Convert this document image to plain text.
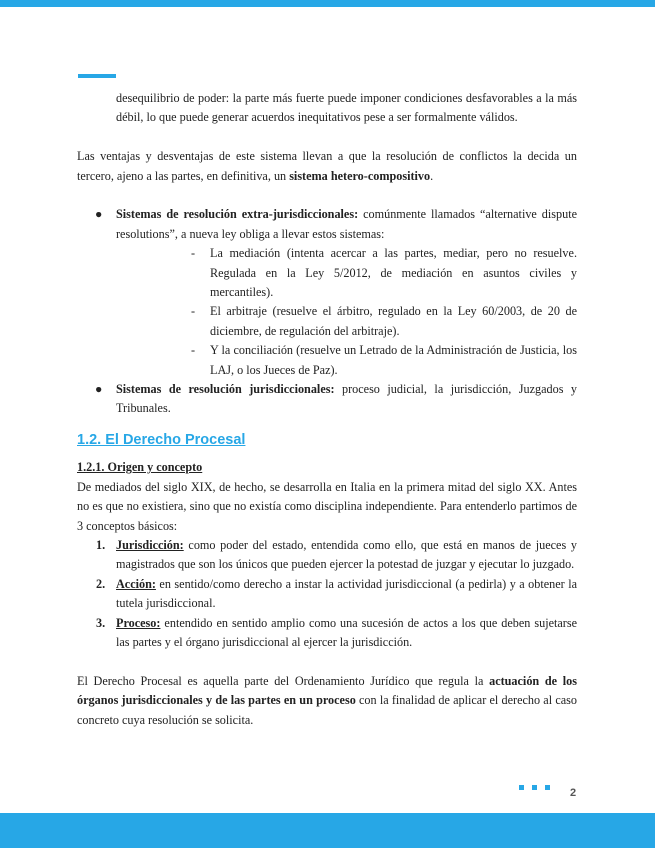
desequilibrio de poder: la parte más fuerte puede imponer condiciones desfavorables a la más débil, lo que puede generar acuerdos inequitativos pese a ser formalmente válidos.

Las ventajas y desventajas de este sistema llevan a que la resolución de conflictos la decida un tercero, ajeno a las partes, en definitiva, un sistema hetero-compositivo.

● Sistemas de resolución extra-jurisdiccionales: comúnmente llamados “alternative dispute resolutions”, a nueva ley obliga a llevar estos sistemas:
- La mediación (intenta acercar a las partes, mediar, pero no resuelve. Regulada en la Ley 5/2012, de mediación en asuntos civiles y mercantiles).
- El arbitraje (resuelve el árbitro, regulado en la Ley 60/2003, de 20 de diciembre, de regulación del arbitraje).
- Y la conciliación (resuelve un Letrado de la Administración de Justicia, los LAJ, o los Jueces de Paz).
● Sistemas de resolución jurisdiccionales: proceso judicial, la jurisdicción, Juzgados y Tribunales.
1.2. El Derecho Procesal

1.2.1. Origen y concepto

De mediados del siglo XIX, de hecho, se desarrolla en Italia en la primera mitad del siglo XX. Antes no es que no existiera, sino que no existía como disciplina independiente. Para entenderlo partimos de 3 conceptos básicos:

1. Jurisdicción: como poder del estado, entendida como ello, que está en manos de jueces y magistrados que son los únicos que pueden ejercer la potestad de juzgar y ejecutar lo juzgado.
2. Acción: en sentido/como derecho a instar la actividad jurisdiccional (a pedirla) y a obtener la tutela jurisdiccional.
3. Proceso: entendido en sentido amplio como una sucesión de actos a los que deben sujetarse las partes y el órgano jurisdiccional al ejercer la jurisdicción.

El Derecho Procesal es aquella parte del Ordenamiento Jurídico que regula la actuación de los órganos jurisdiccionales y de las partes en un proceso con la finalidad de aplicar el derecho al caso concreto cuya resolución se solicita.

2
